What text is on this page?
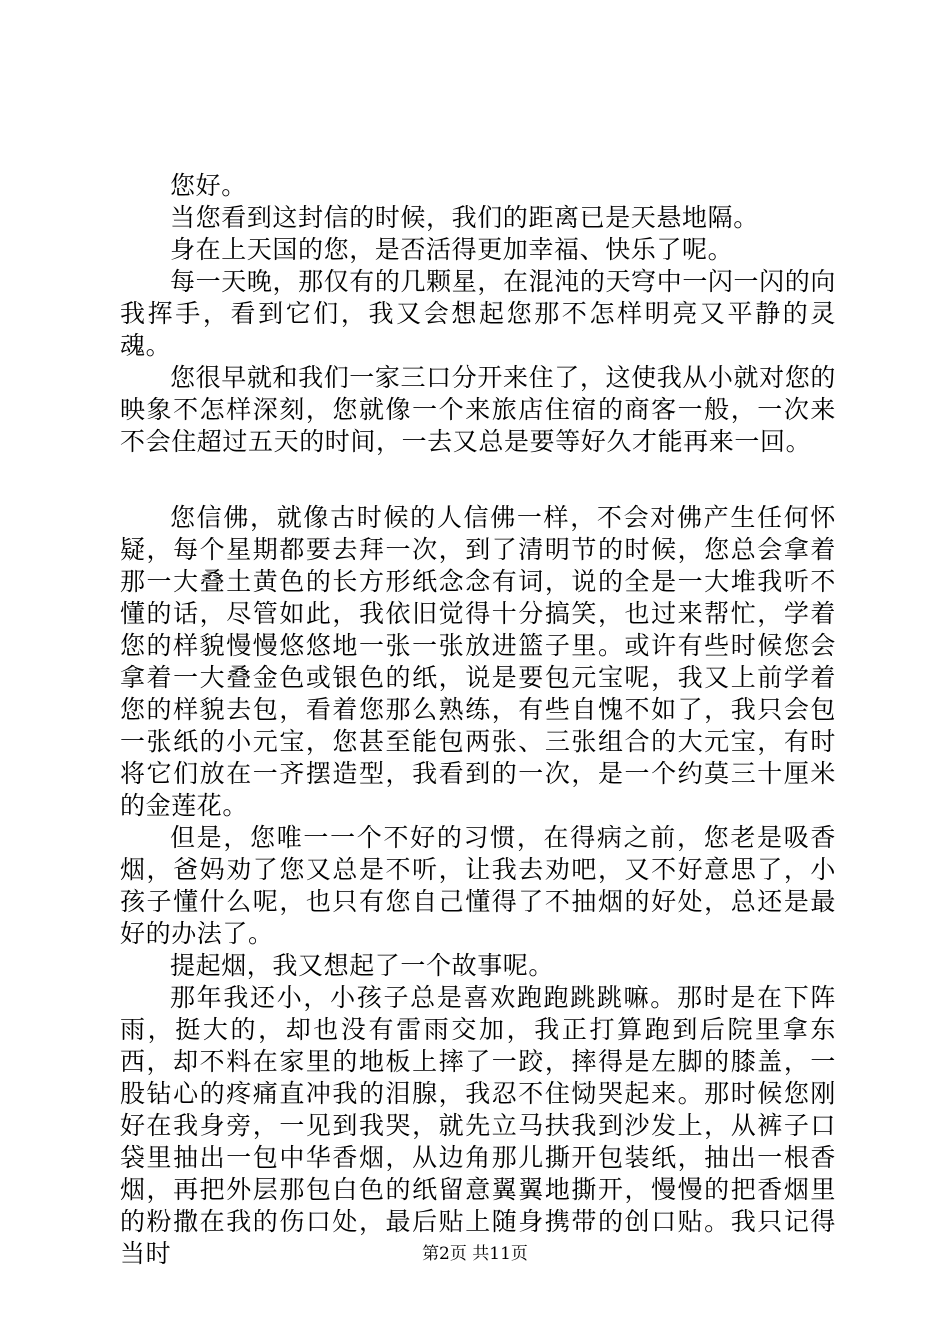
您好。

当您看到这封信的时候，我们的距离已是天悬地隔。

身在上天国的您，是否活得更加幸福、快乐了呢。

每一天晚，那仅有的几颗星，在混沌的天穹中一闪一闪的向我挥手，看到它们，我又会想起您那不怎样明亮又平静的灵魂。

您很早就和我们一家三口分开来住了，这使我从小就对您的映象不怎样深刻，您就像一个来旅店住宿的商客一般，一次来不会住超过五天的时间，一去又总是要等好久才能再来一回。

您信佛，就像古时候的人信佛一样，不会对佛产生任何怀疑，每个星期都要去拜一次，到了清明节的时候，您总会拿着那一大叠土黄色的长方形纸念念有词，说的全是一大堆我听不懂的话，尽管如此，我依旧觉得十分搞笑，也过来帮忙，学着您的样貌慢慢悠悠地一张一张放进篮子里。或许有些时候您会拿着一大叠金色或银色的纸，说是要包元宝呢，我又上前学着您的样貌去包，看着您那么熟练，有些自愧不如了，我只会包一张纸的小元宝，您甚至能包两张、三张组合的大元宝，有时将它们放在一齐摆造型，我看到的一次，是一个约莫三十厘米的金莲花。

但是，您唯一一个不好的习惯，在得病之前，您老是吸香烟，爸妈劝了您又总是不听，让我去劝吧，又不好意思了，小孩子懂什么呢，也只有您自己懂得了不抽烟的好处，总还是最好的办法了。

提起烟，我又想起了一个故事呢。

那年我还小，小孩子总是喜欢跑跑跳跳嘛。那时是在下阵雨，挺大的，却也没有雷雨交加，我正打算跑到后院里拿东西，却不料在家里的地板上摔了一跤，摔得是左脚的膝盖，一股钻心的疼痛直冲我的泪腺，我忍不住恸哭起来。那时候您刚好在我身旁，一见到我哭，就先立马扶我到沙发上，从裤子口袋里抽出一包中华香烟，从边角那儿撕开包装纸，抽出一根香烟，再把外层那包白色的纸留意翼翼地撕开，慢慢的把香烟里的粉撒在我的伤口处，最后贴上随身携带的创口贴。我只记得当时	第2页 共11页
